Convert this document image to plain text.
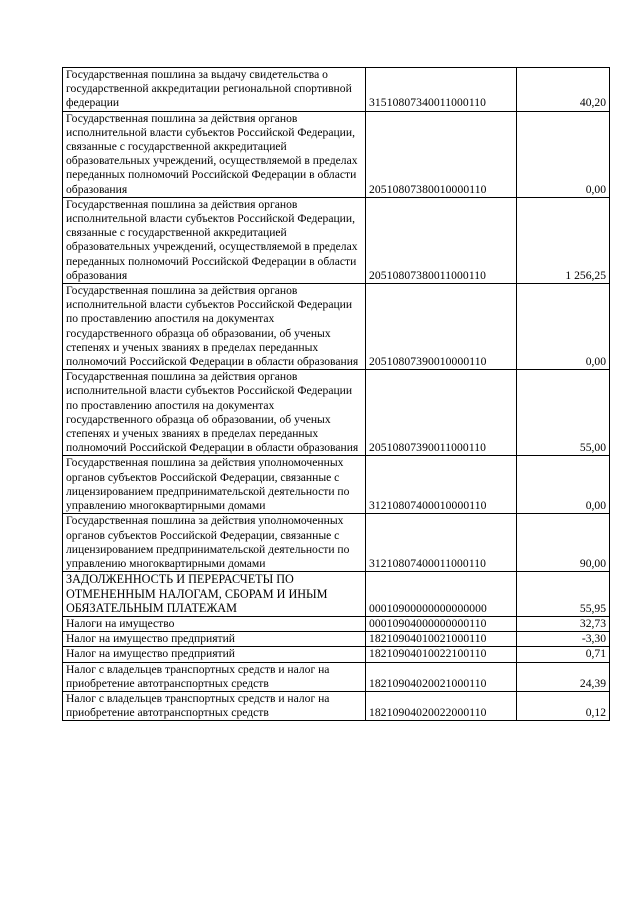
Государственная пошлина за выдачу свидетельства о государственной аккредитации региональной спортивной федерации	31510807340011000110	40,20
Государственная пошлина за действия органов исполнительной власти субъектов Российской Федерации, связанные с государственной аккредитацией образовательных учреждений, осуществляемой в пределах переданных полномочий Российской Федерации в области образования	20510807380010000110	0,00
Государственная пошлина за действия органов исполнительной власти субъектов Российской Федерации, связанные с государственной аккредитацией образовательных учреждений, осуществляемой в пределах переданных полномочий Российской Федерации в области образования	20510807380011000110	1 256,25
Государственная пошлина за действия органов исполнительной власти субъектов Российской Федерации по проставлению апостиля на документах государственного образца об образовании, об ученых степенях и ученых званиях в пределах переданных полномочий Российской Федерации в области образования	20510807390010000110	0,00
Государственная пошлина за действия органов исполнительной власти субъектов Российской Федерации по проставлению апостиля на документах государственного образца об образовании, об ученых степенях и ученых званиях в пределах переданных полномочий Российской Федерации в области образования	20510807390011000110	55,00
Государственная пошлина за действия уполномоченных органов субъектов Российской Федерации, связанные с лицензированием предпринимательской деятельности по управлению многоквартирными домами	31210807400010000110	0,00
Государственная пошлина за действия уполномоченных органов субъектов Российской Федерации, связанные с лицензированием предпринимательской деятельности по управлению многоквартирными домами	31210807400011000110	90,00
ЗАДОЛЖЕННОСТЬ И ПЕРЕРАСЧЕТЫ ПО ОТМЕНЕННЫМ НАЛОГАМ, СБОРАМ И ИНЫМ ОБЯЗАТЕЛЬНЫМ ПЛАТЕЖАМ	00010900000000000000	55,95
Налоги на имущество	00010904000000000110	32,73
Налог на имущество предприятий	18210904010021000110	-3,30
Налог на имущество предприятий	18210904010022100110	0,71
Налог с владельцев транспортных средств и налог на приобретение автотранспортных средств	18210904020021000110	24,39
Налог с владельцев транспортных средств и налог на приобретение автотранспортных средств	18210904020022000110	0,12
